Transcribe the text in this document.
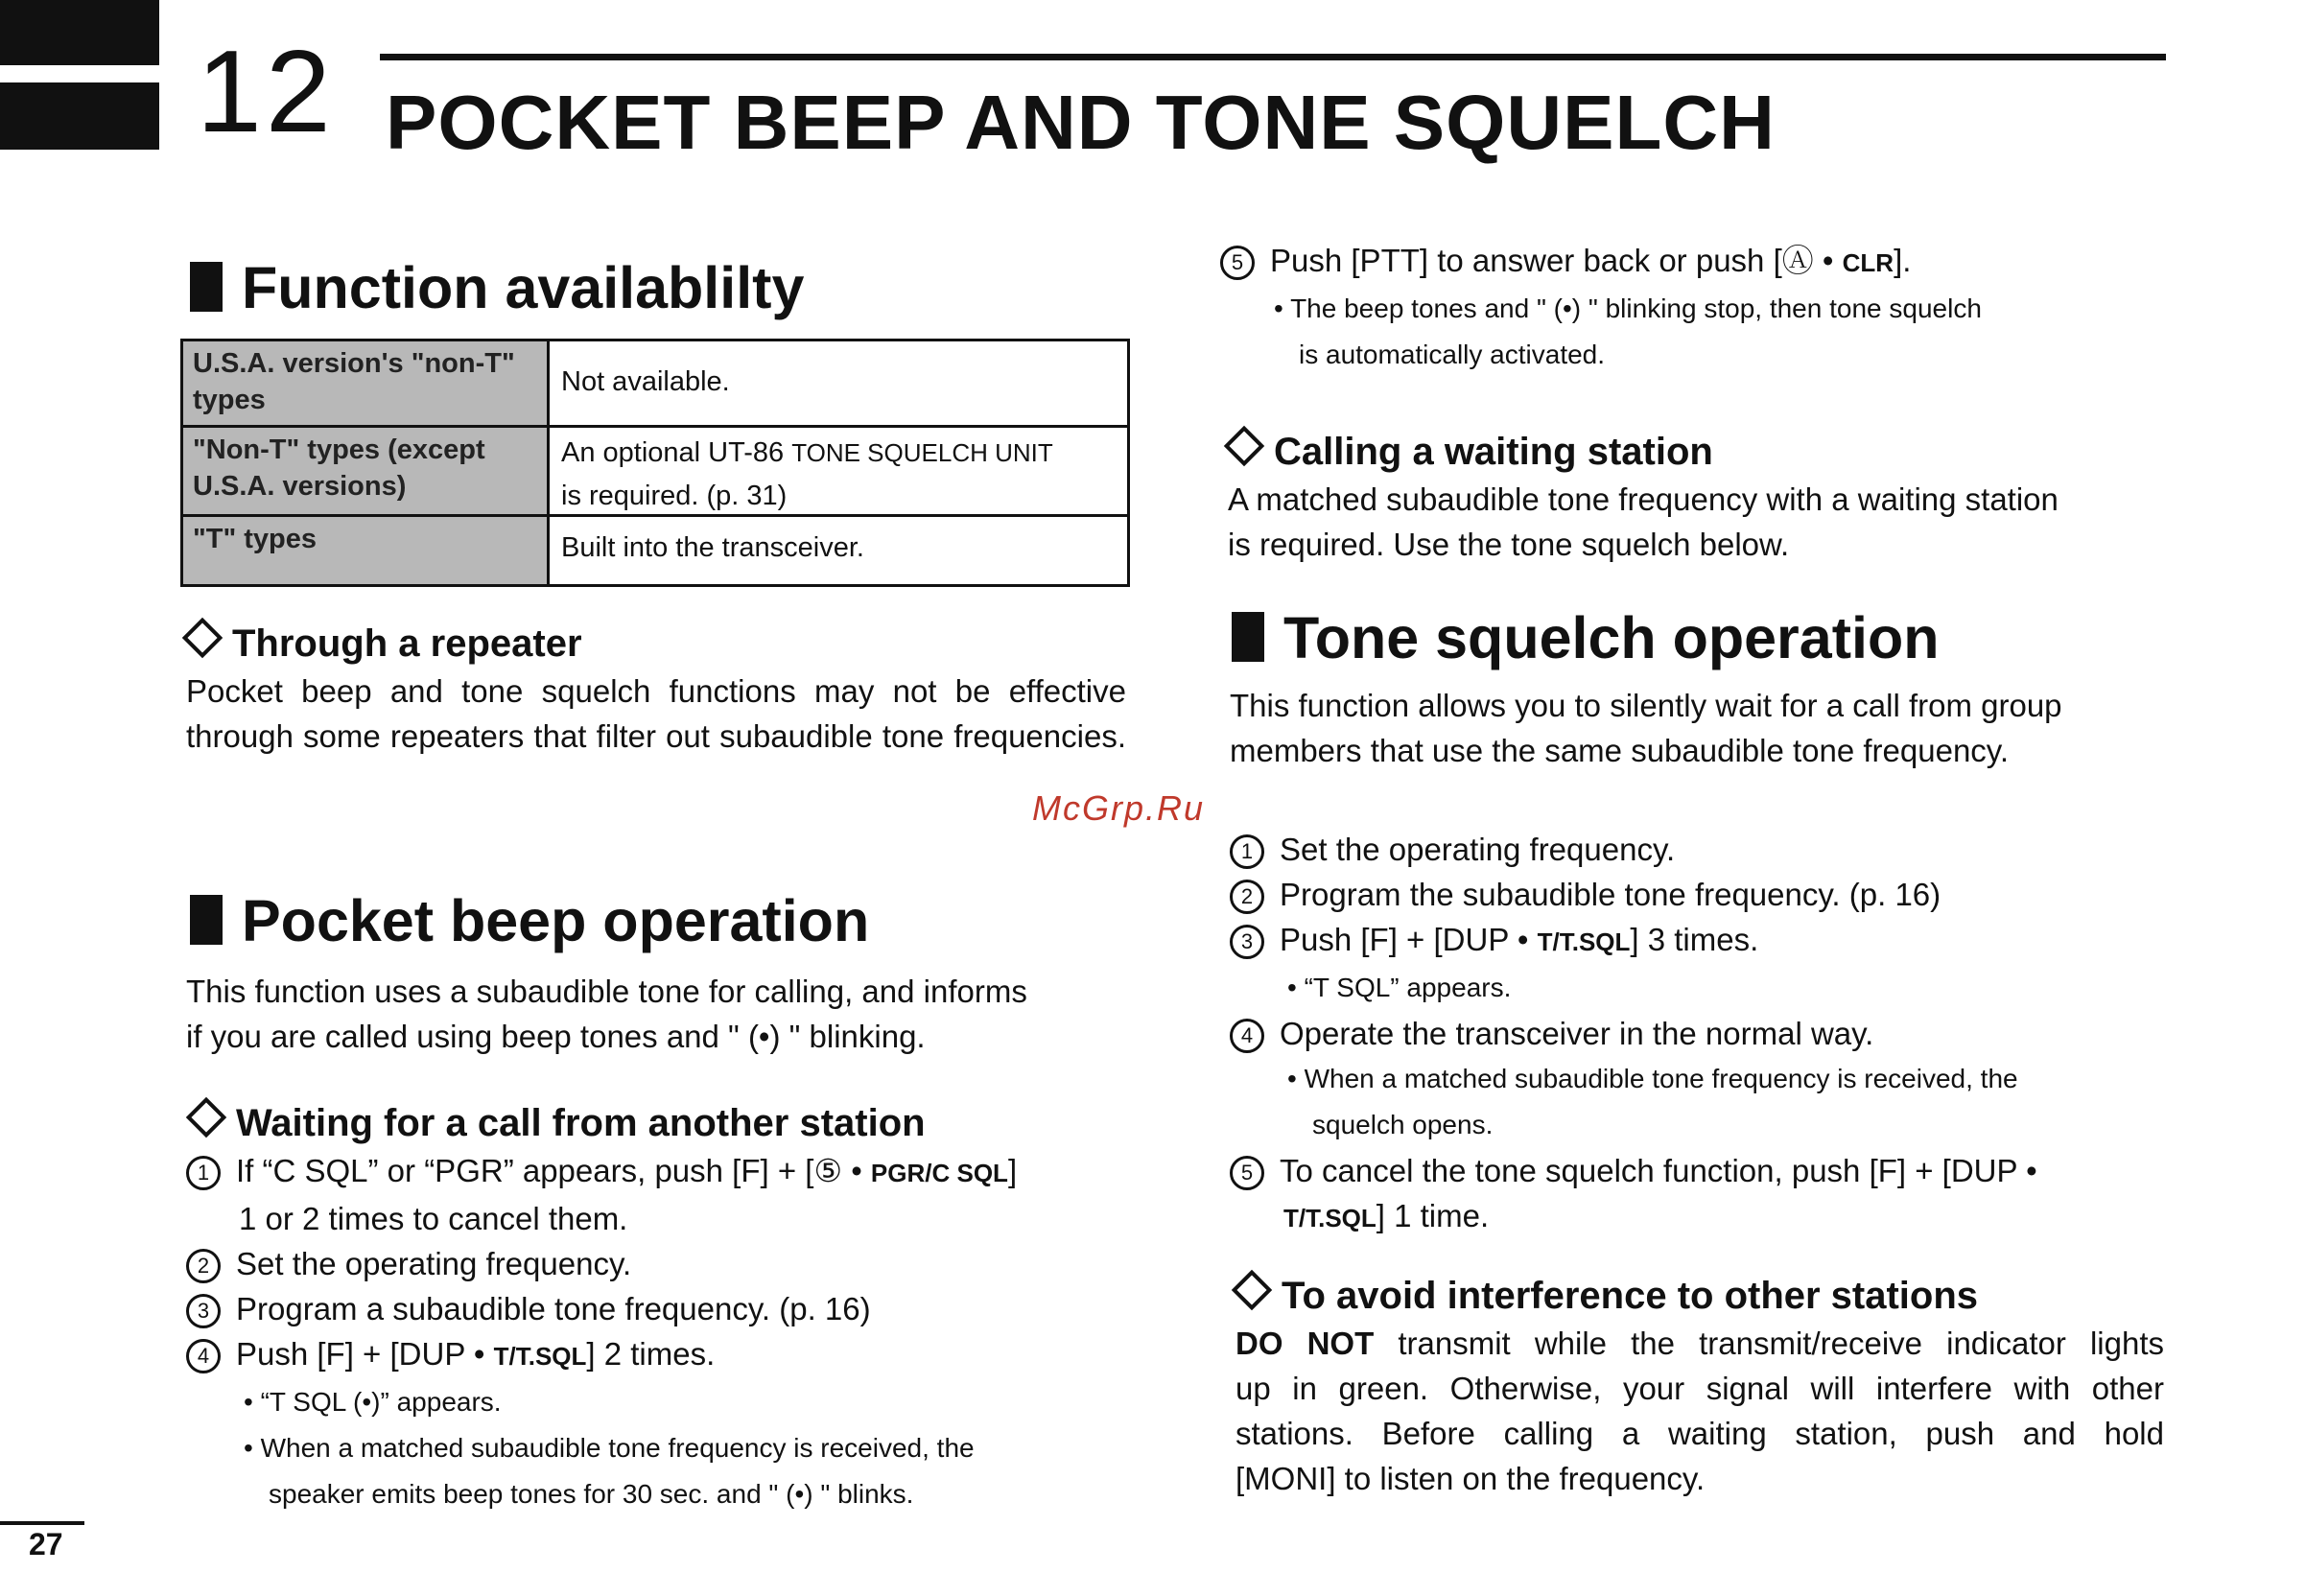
12 POCKET BEEP AND TONE SQUELCH
Function availablilty
U.S.A. version's "non-T" types
Not available.
"Non-T" types (except U.S.A. versions)
An optional UT-86 TONE SQUELCH UNIT
is required. (p. 31)
"T" types	Built into the transceiver.
Through a repeater
Pocket beep and tone squelch functions may not be effective through some repeaters that filter out subaudible tone frequencies.
Pocket beep operation
This function uses a subaudible tone for calling, and informs
if you are called using beep tones and " (•) " blinking.
Waiting for a call from another station
1 If “C SQL” or “PGR” appears, push [F] + [⑤ • PGR/C SQL]
1 or 2 times to cancel them.
2 Set the operating frequency.
3 Program a subaudible tone frequency. (p. 16)
4 Push [F] + [DUP • T/T.SQL] 2 times.
• “T SQL (•)” appears.
• When a matched subaudible tone frequency is received, the
speaker emits beep tones for 30 sec. and " (•) " blinks.
McGrp.Ru
5 Push [PTT] to answer back or push [Ⓐ • CLR].
• The beep tones and " (•) " blinking stop, then tone squelch
is automatically activated.
Calling a waiting station
A matched subaudible tone frequency with a waiting station
is required. Use the tone squelch below.
Tone squelch operation
This function allows you to silently wait for a call from group
members that use the same subaudible tone frequency.
1 Set the operating frequency.
2 Program the subaudible tone frequency. (p. 16)
3 Push [F] + [DUP • T/T.SQL] 3 times.
• “T SQL” appears.
4 Operate the transceiver in the normal way.
• When a matched subaudible tone frequency is received, the
squelch opens.
5 To cancel the tone squelch function, push [F] + [DUP •
T/T.SQL] 1 time.
To avoid interference to other stations
DO NOT transmit while the transmit/receive indicator lights
up in green. Otherwise, your signal will interfere with other
stations. Before calling a waiting station, push and hold
[MONI] to listen on the frequency.
27
